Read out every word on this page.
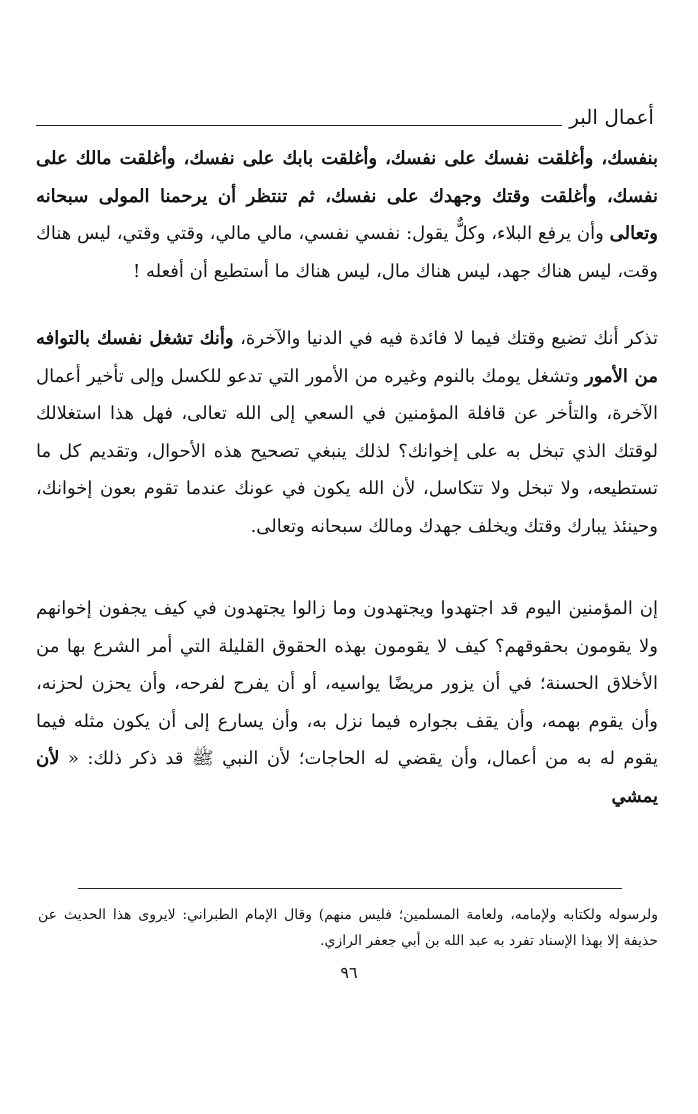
أعمال البر

بنفسك، وأغلقت نفسك على نفسك، وأغلقت بابك على نفسك، وأغلقت مالك على نفسك، وأغلقت وقتك وجهدك على نفسك، ثم تنتظر أن يرحمنا المولى سبحانه وتعالى وأن يرفع البلاء، وكلٌّ يقول: نفسي نفسي، مالي مالي، وقتي وقتي، ليس هناك وقت، ليس هناك جهد، ليس هناك مال، ليس هناك ما أستطيع أن أفعله !

تذكر أنك تضيع وقتك فيما لا فائدة فيه في الدنيا والآخرة، وأنك تشغل نفسك بالتوافه من الأمور وتشغل يومك بالنوم وغيره من الأمور التي تدعو للكسل وإلى تأخير أعمال الآخرة، والتأخر عن قافلة المؤمنين في السعي إلى الله تعالى، فهل هذا استغلالك لوقتك الذي تبخل به على إخوانك؟ لذلك ينبغي تصحيح هذه الأحوال، وتقديم كل ما تستطيعه، ولا تبخل ولا تتكاسل، لأن الله يكون في عونك عندما تقوم بعون إخوانك، وحينئذ يبارك وقتك ويخلف جهدك ومالك سبحانه وتعالى.

إن المؤمنين اليوم قد اجتهدوا ويجتهدون وما زالوا يجتهدون في كيف يجفون إخوانهم ولا يقومون بحقوقهم؟ كيف لا يقومون بهذه الحقوق القليلة التي أمر الشرع بها من الأخلاق الحسنة؛ في أن يزور مريضًا يواسيه، أو أن يفرح لفرحه، وأن يحزن لحزنه، وأن يقوم بهمه، وأن يقف بجواره فيما نزل به، وأن يسارع إلى أن يكون مثله فيما يقوم له به من أعمال، وأن يقضي له الحاجات؛ لأن النبي ﷺ قد ذكر ذلك: « لأن يمشي

ولرسوله ولكتابه ولإمامه، ولعامة المسلمين؛ فليس منهم) وقال الإمام الطبراني: لايروى هذا الحديث عن حذيفة إلا بهذا الإسناد تفرد به عبد الله بن أبي جعفر الرازي.

٩٦
